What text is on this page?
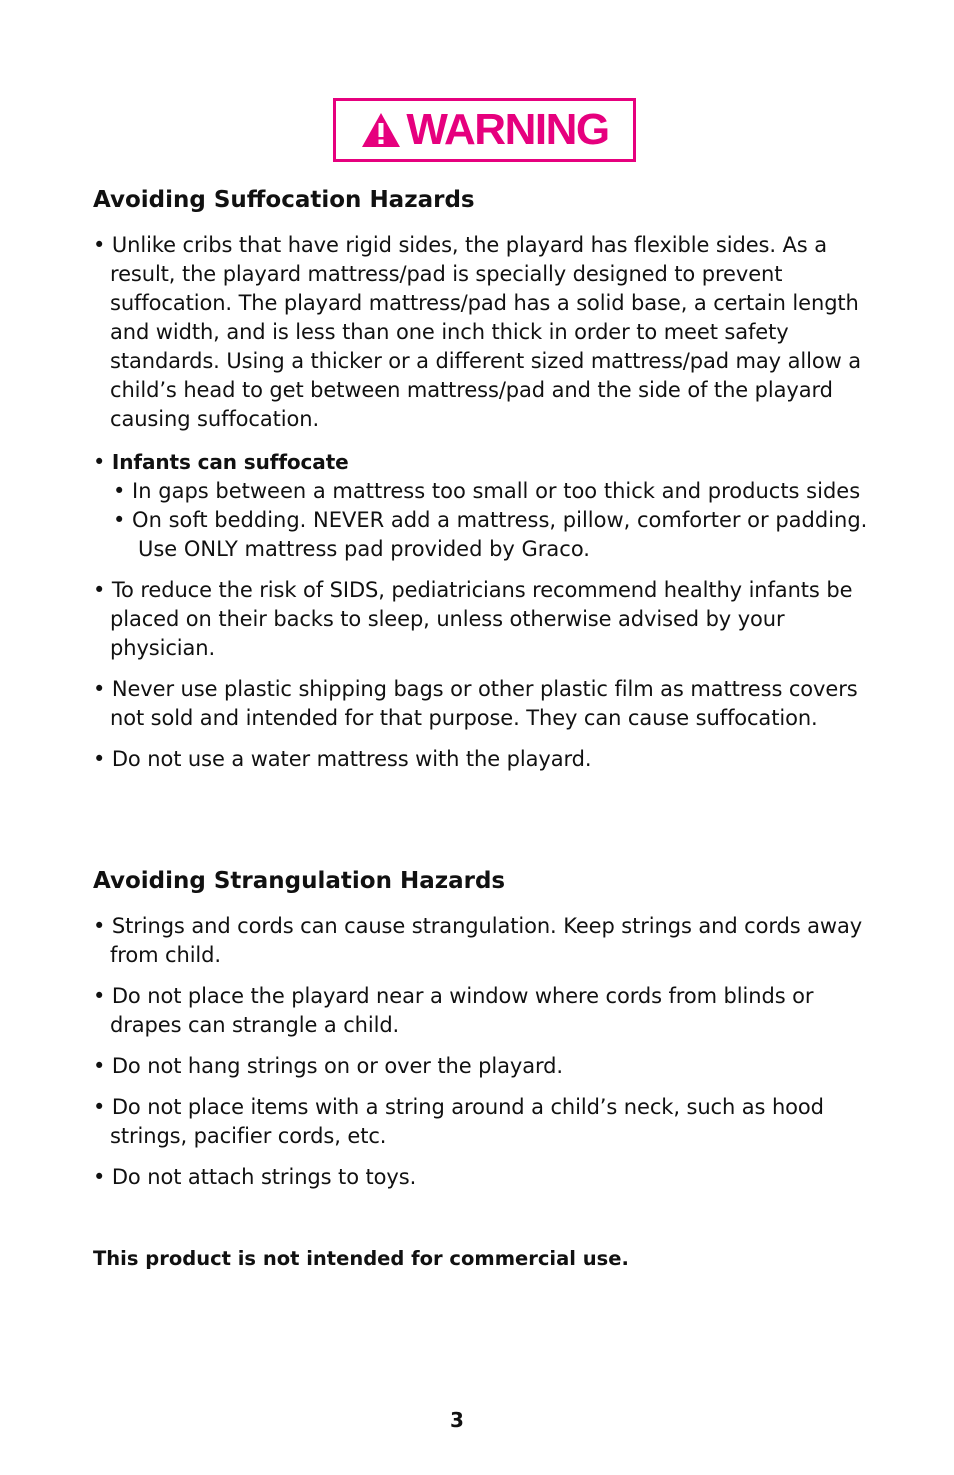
WARNING
Avoiding Suffocation Hazards

• Unlike cribs that have rigid sides, the playard has flexible sides. As a result, the playard mattress/pad is specially designed to prevent suffocation. The playard mattress/pad has a solid base, a certain length and width, and is less than one inch thick in order to meet safety standards. Using a thicker or a different sized mattress/pad may allow a child’s head to get between mattress/pad and the side of the playard causing suffocation.

• Infants can suffocate

• In gaps between a mattress too small or too thick and products sides

• On soft bedding. NEVER add a mattress, pillow, comforter or padding. Use ONLY mattress pad provided by Graco.

• To reduce the risk of SIDS, pediatricians recommend healthy infants be placed on their backs to sleep, unless otherwise advised by your physician.

• Never use plastic shipping bags or other plastic film as mattress covers not sold and intended for that purpose. They can cause suffocation.

• Do not use a water mattress with the playard.

Avoiding Strangulation Hazards

• Strings and cords can cause strangulation. Keep strings and cords away from child.

• Do not place the playard near a window where cords from blinds or drapes can strangle a child.

• Do not hang strings on or over the playard.

• Do not place items with a string around a child’s neck, such as hood strings, pacifier cords, etc.

• Do not attach strings to toys.

This product is not intended for commercial use.
3
